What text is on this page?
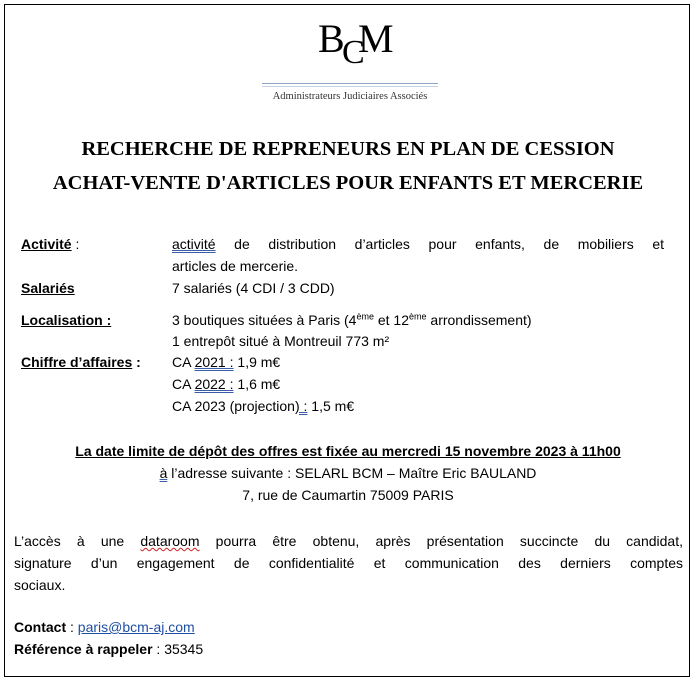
B C
M
Administrateurs Judiciaires Associés
RECHERCHE DE REPRENEURS EN PLAN DE CESSION
ACHAT-VENTE D'ARTICLES POUR ENFANTS ET MERCERIE
Activité :	activité de distribution d’articles pour enfants, de mobiliers et
articles de mercerie.
Salariés	7 salariés (4 CDI / 3 CDD)
Localisation :	3 boutiques situées à Paris (4ème et 12ème arrondissement)
1 entrepôt situé à Montreuil 773 m²
Chiffre d’affaires : CA 2021 : 1,9 m€
CA 2022 : 1,6 m€
CA 2023 (projection) : 1,5 m€
La date limite de dépôt des offres est fixée au mercredi 15 novembre 2023 à 11h00
à l’adresse suivante : SELARL BCM – Maître Eric BAULAND
7, rue de Caumartin 75009 PARIS
L’accès à une dataroom pourra être obtenu, après présentation succincte du candidat,
signature d’un engagement de confidentialité et communication des derniers comptes
sociaux.
Contact : paris@bcm-aj.com
Référence à rappeler : 35345
